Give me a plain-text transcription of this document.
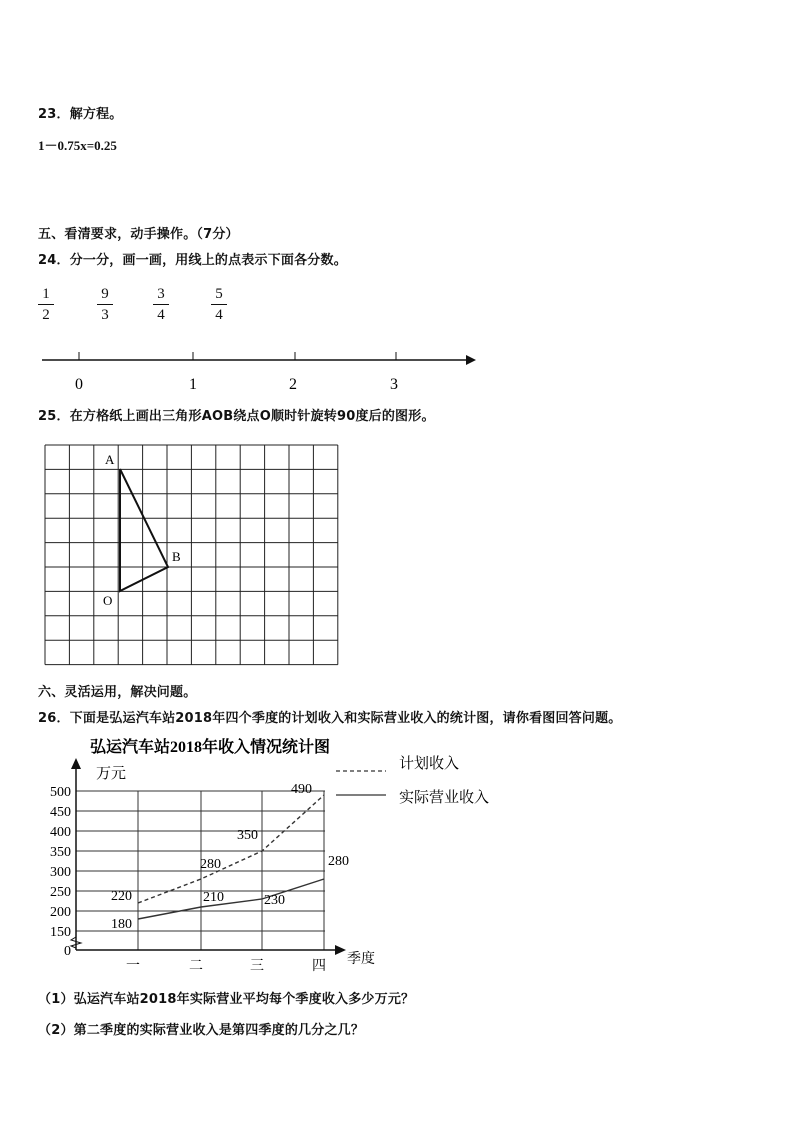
23．解方程。
1－0.75x=0.25
五、看清要求，动手操作。（7分）
24．分一分，画一画，用线上的点表示下面各分数。
1
2
9
3
3
4
5
4
0	1	2	3
25．在方格纸上画出三角形AOB绕点O顺时针旋转90度后的图形。
A
B
O
六、灵活运用，解决问题。
26．下面是弘运汽车站2018年四个季度的计划收入和实际营业收入的统计图，请你看图回答问题。
弘运汽车站2018年收入情况统计图
万元
季度
0
150
200
250
300
350
400
450
500
一	二	三	四
220
280
350
490
180
210	230
280
计划收入
实际营业收入
（1）弘运汽车站2018年实际营业平均每个季度收入多少万元？
（2）第二季度的实际营业收入是第四季度的几分之几？
